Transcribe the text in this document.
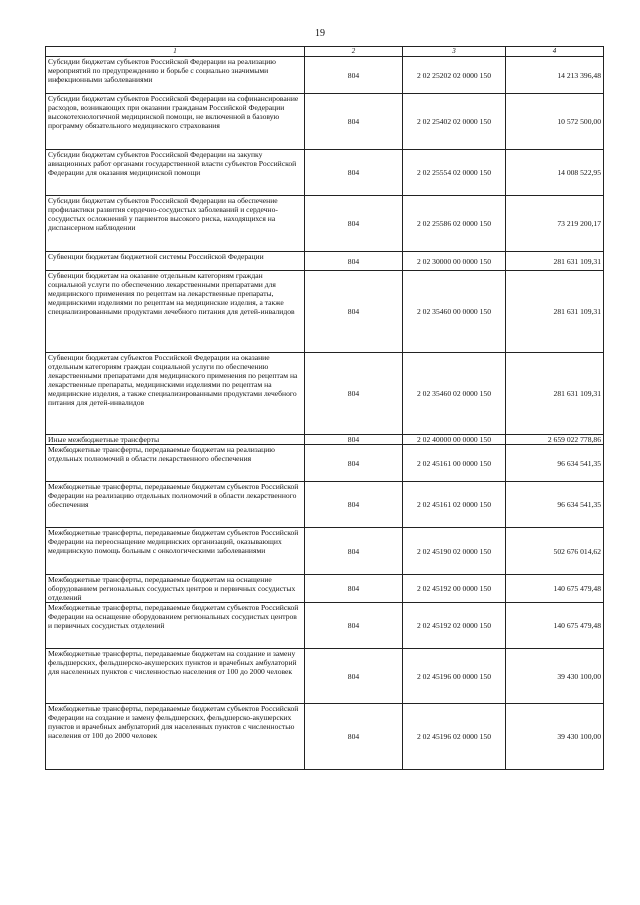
19
1	2	3	4
Субсидии бюджетам субъектов Российской Федерации на реализацию мероприятий по предупреждению и борьбе с социально значимыми инфекционными заболеваниями	804	2 02 25202 02 0000 150	14 213 396,48
Субсидии бюджетам субъектов Российской Федерации на софинансирование расходов, возникающих при оказании гражданам Российской Федерации высокотехнологичной медицинской помощи, не включенной в базовую программу обязательного медицинского страхования	804	2 02 25402 02 0000 150	10 572 500,00
Субсидии бюджетам субъектов Российской Федерации на закупку авиационных работ органами государственной власти субъектов Российской Федерации для оказания медицинской помощи	804	2 02 25554 02 0000 150	14 008 522,95
Субсидии бюджетам субъектов Российской Федерации на обеспечение профилактики развития сердечно-сосудистых заболеваний и сердечно-сосудистых осложнений у пациентов высокого риска, находящихся на диспансерном наблюдении	804	2 02 25586 02 0000 150	73 219 200,17
Субвенции бюджетам бюджетной системы Российской Федерации	804	2 02 30000 00 0000 150	281 631 109,31
Субвенции бюджетам на оказание отдельным категориям граждан социальной услуги по обеспечению лекарственными препаратами для медицинского применения по рецептам на лекарственные препараты, медицинскими изделиями по рецептам на медицинские изделия, а также специализированными продуктами лечебного питания для детей-инвалидов	804	2 02 35460 00 0000 150	281 631 109,31
Субвенции бюджетам субъектов Российской Федерации на оказание отдельным категориям граждан социальной услуги по обеспечению лекарственными препаратами для медицинского применения по рецептам на лекарственные препараты, медицинскими изделиями по рецептам на медицинские изделия, а также специализированными продуктами лечебного питания для детей-инвалидов	804	2 02 35460 02 0000 150	281 631 109,31
Иные межбюджетные трансферты	804	2 02 40000 00 0000 150	2 659 022 778,86
Межбюджетные трансферты, передаваемые бюджетам на реализацию отдельных полномочий в области лекарственного обеспечения	804	2 02 45161 00 0000 150	96 634 541,35
Межбюджетные трансферты, передаваемые бюджетам субъектов Российской Федерации на реализацию отдельных полномочий в области лекарственного обеспечения	804	2 02 45161 02 0000 150	96 634 541,35
Межбюджетные трансферты, передаваемые бюджетам субъектов Российской Федерации на переоснащение медицинских организаций, оказывающих медицинскую помощь больным с онкологическими заболеваниями	804	2 02 45190 02 0000 150	502 676 014,62
Межбюджетные трансферты, передаваемые бюджетам на оснащение оборудованием региональных сосудистых центров и первичных сосудистых отделений	804	2 02 45192 00 0000 150	140 675 479,48
Межбюджетные трансферты, передаваемые бюджетам субъектов Российской Федерации на оснащение оборудованием региональных сосудистых центров и первичных сосудистых отделений	804	2 02 45192 02 0000 150	140 675 479,48
Межбюджетные трансферты, передаваемые бюджетам на создание и замену фельдшерских, фельдшерско-акушерских пунктов и врачебных амбулаторий для населенных пунктов с численностью населения от 100 до 2000 человек	804	2 02 45196 00 0000 150	39 430 100,00
Межбюджетные трансферты, передаваемые бюджетам субъектов Российской Федерации на создание и замену фельдшерских, фельдшерско-акушерских пунктов и врачебных амбулаторий для населенных пунктов с численностью населения от 100 до 2000 человек	804	2 02 45196 02 0000 150	39 430 100,00
